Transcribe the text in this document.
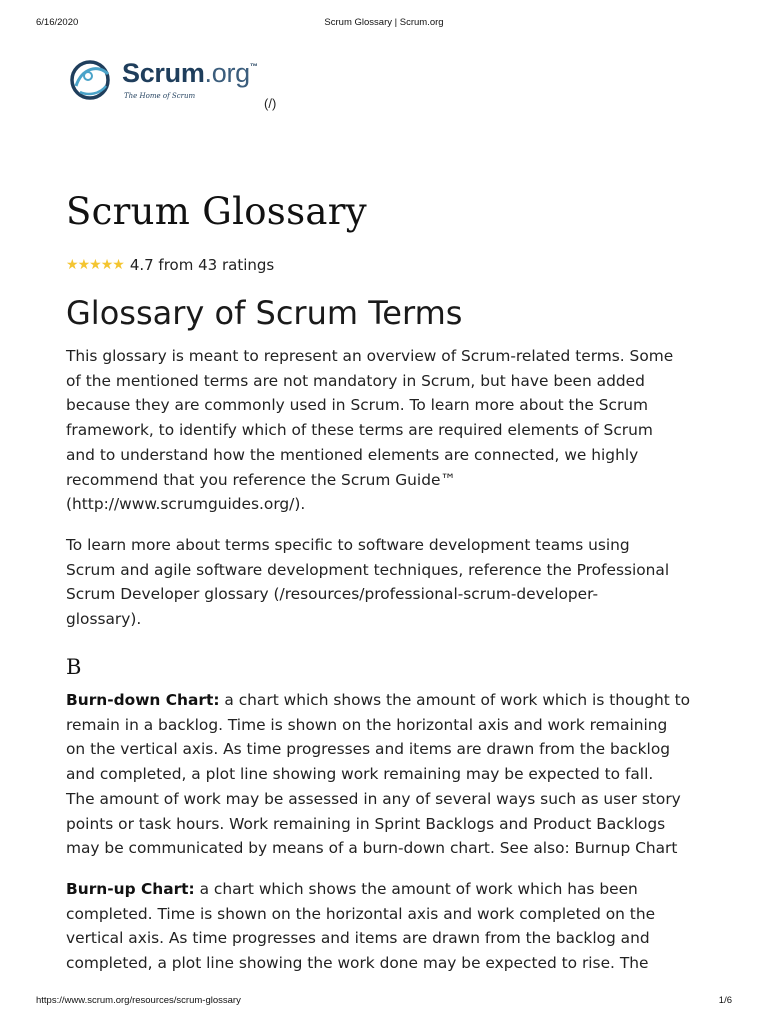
6/16/2020	Scrum Glossary | Scrum.org
Scrum.org™
The Home of Scrum	(/)
Scrum Glossary
★ ★ ★ ★ ★ 4.7 from 43 ratings
Glossary of Scrum Terms

This glossary is meant to represent an overview of Scrum-related terms. Some
of the mentioned terms are not mandatory in Scrum, but have been added
because they are commonly used in Scrum. To learn more about the Scrum
framework, to identify which of these terms are required elements of Scrum
and to understand how the mentioned elements are connected, we highly
recommend that you reference the Scrum Guide™
(http://www.scrumguides.org/).

To learn more about terms specific to software development teams using
Scrum and agile software development techniques, reference the Professional
Scrum Developer glossary (/resources/professional-scrum-developer-
glossary).

B

Burn-down Chart: a chart which shows the amount of work which is thought to
remain in a backlog. Time is shown on the horizontal axis and work remaining
on the vertical axis. As time progresses and items are drawn from the backlog
and completed, a plot line showing work remaining may be expected to fall.
The amount of work may be assessed in any of several ways such as user story
points or task hours. Work remaining in Sprint Backlogs and Product Backlogs
may be communicated by means of a burn-down chart. See also: Burnup Chart

Burn-up Chart: a chart which shows the amount of work which has been
completed. Time is shown on the horizontal axis and work completed on the
vertical axis. As time progresses and items are drawn from the backlog and
completed, a plot line showing the work done may be expected to rise. The

https://www.scrum.org/resources/scrum-glossary	1/6
